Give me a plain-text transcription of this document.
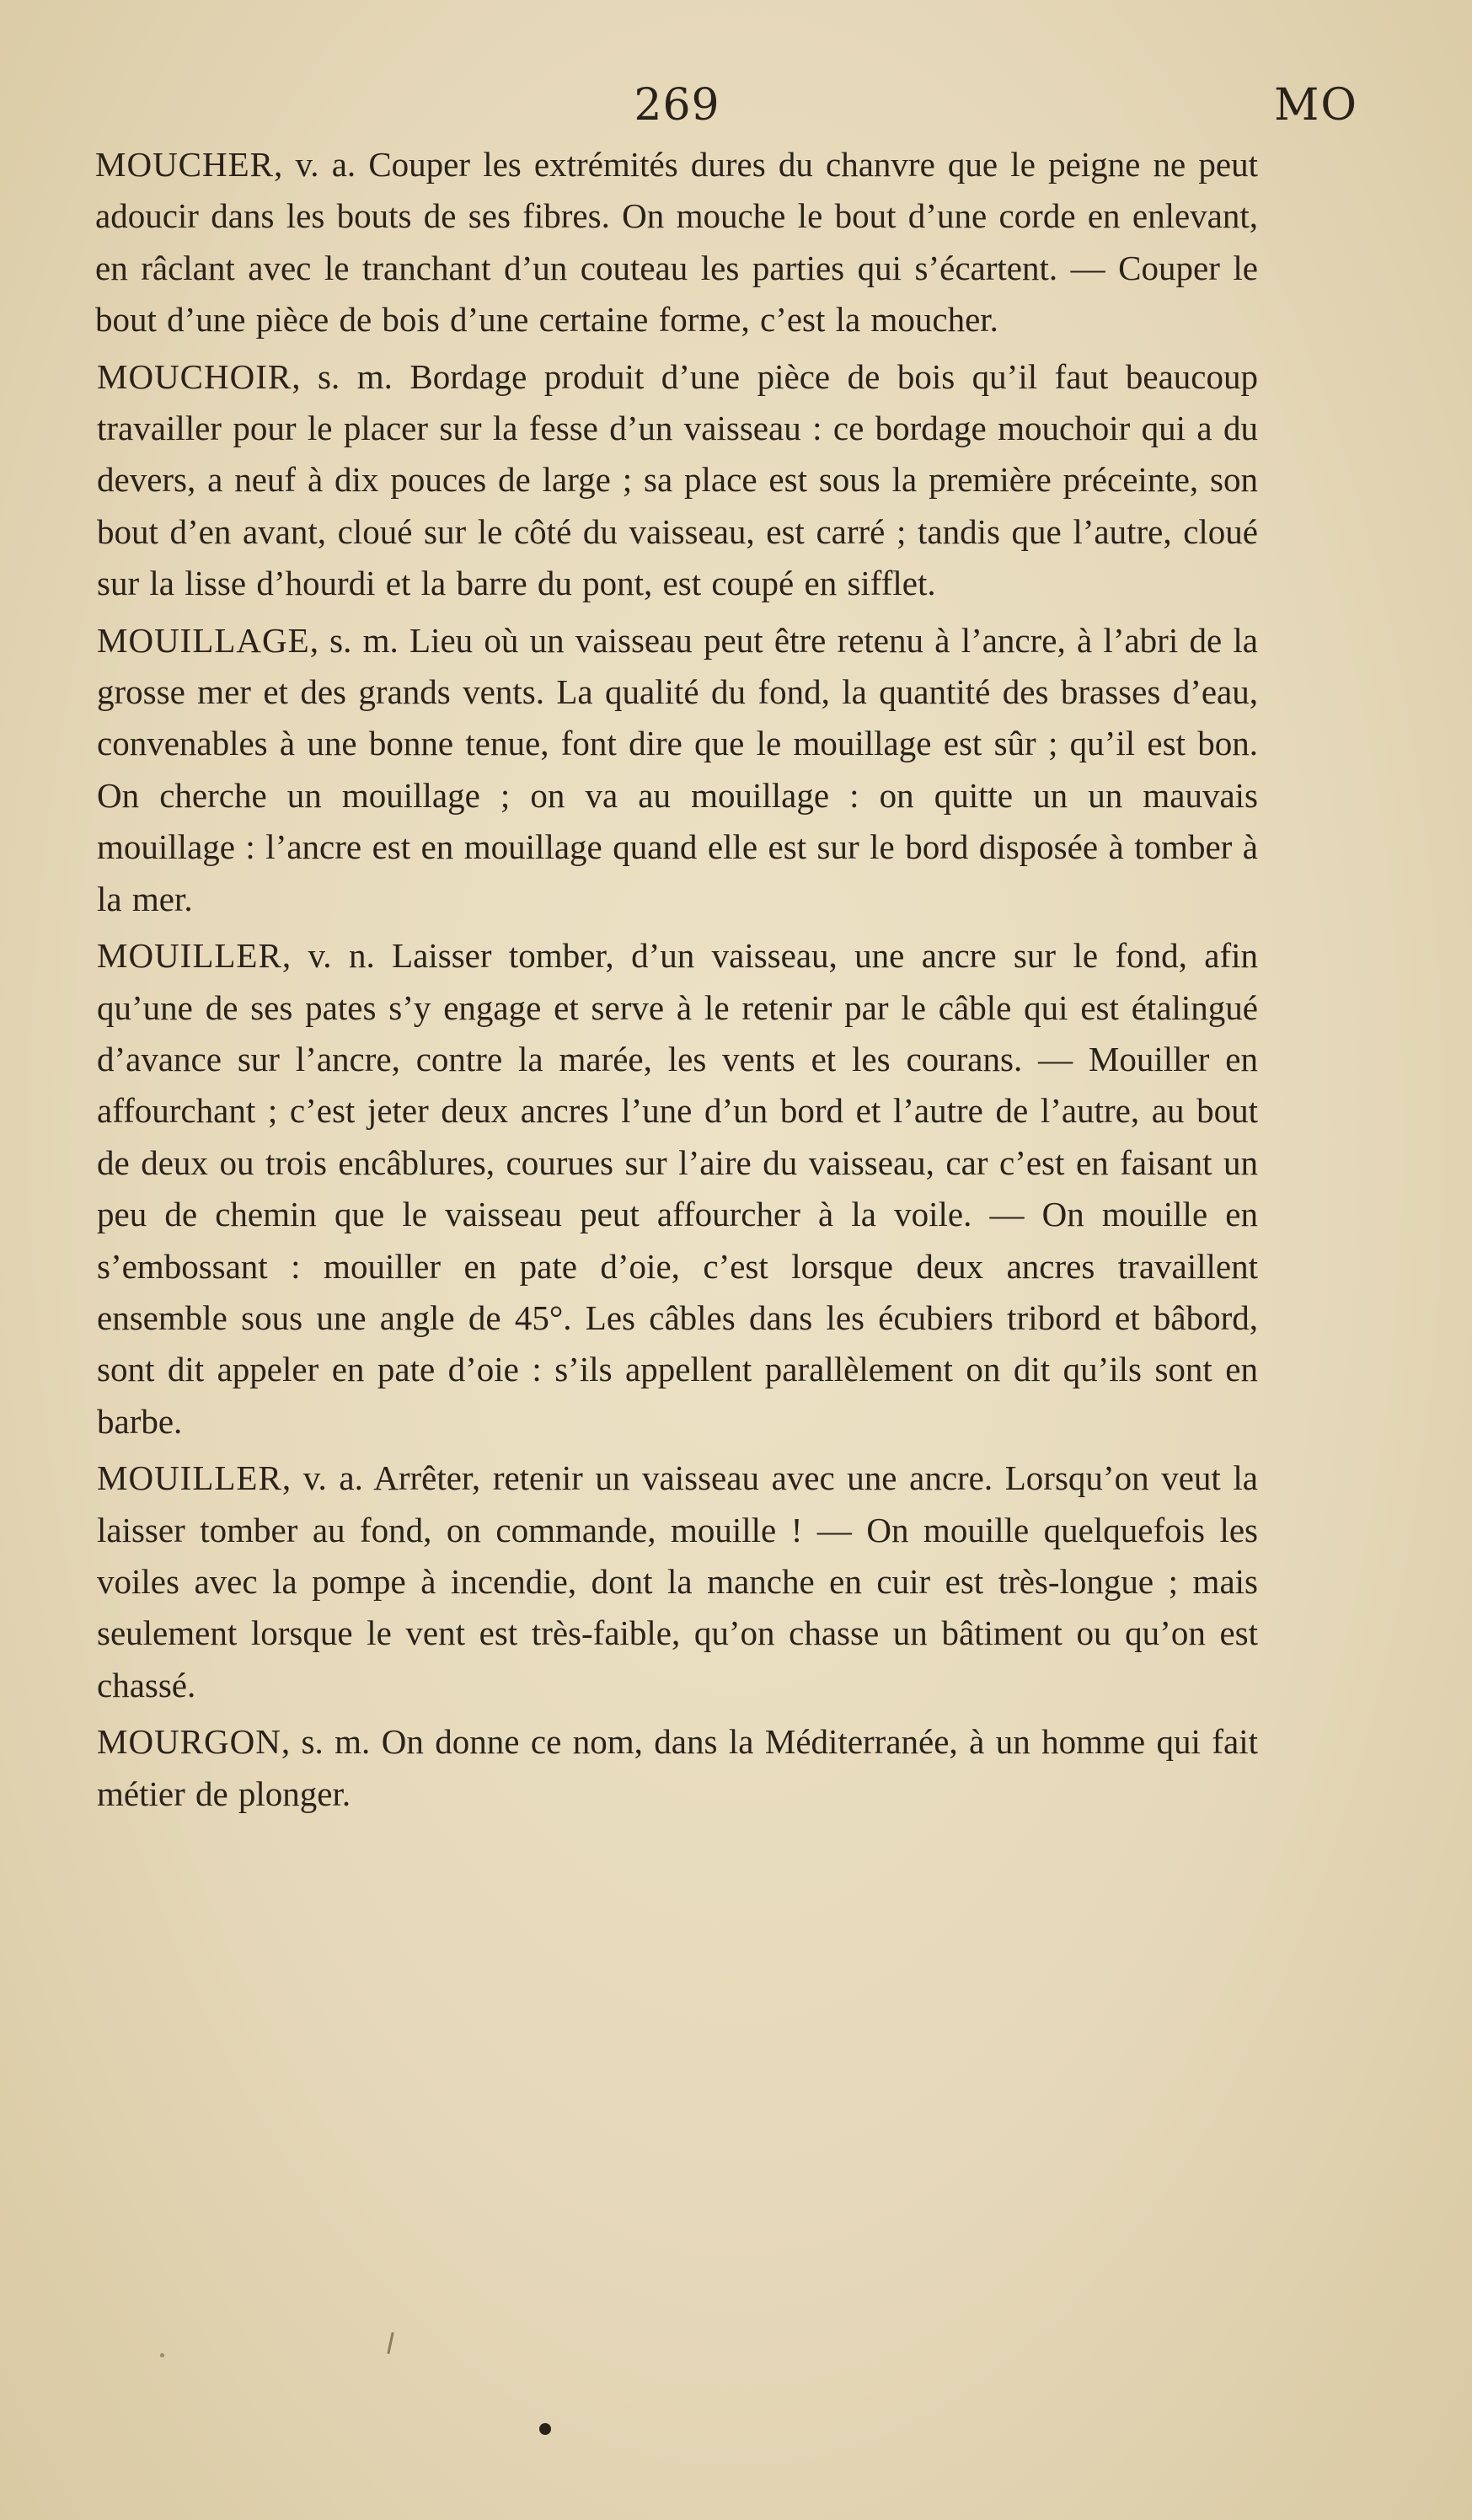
269	MO

MOUCHER, v. a. Couper les extrémités dures du chanvre que le peigne ne peut adoucir dans les bouts de ses fibres. On mouche le bout d’une corde en enlevant, en râclant avec le tranchant d’un couteau les parties qui s’écartent. — Couper le bout d’une pièce de bois d’une certaine forme, c’est la moucher.

MOUCHOIR, s. m. Bordage produit d’une pièce de bois qu’il faut beaucoup travailler pour le placer sur la fesse d’un vaisseau : ce bordage mouchoir qui a du devers, a neuf à dix pouces de large ; sa place est sous la première préceinte, son bout d’en avant, cloué sur le côté du vaisseau, est carré ; tandis que l’autre, cloué sur la lisse d’hourdi et la barre du pont, est coupé en sifflet.

MOUILLAGE, s. m. Lieu où un vaisseau peut être retenu à l’ancre, à l’abri de la grosse mer et des grands vents. La qualité du fond, la quantité des brasses d’eau, convenables à une bonne tenue, font dire que le mouillage est sûr ; qu’il est bon. On cherche un mouillage ; on va au mouillage : on quitte un un mauvais mouillage : l’ancre est en mouillage quand elle est sur le bord disposée à tomber à la mer.

MOUILLER, v. n. Laisser tomber, d’un vaisseau, une ancre sur le fond, afin qu’une de ses pates s’y engage et serve à le retenir par le câble qui est étalingué d’avance sur l’ancre, contre la marée, les vents et les courans. — Mouiller en affourchant ; c’est jeter deux ancres l’une d’un bord et l’autre de l’autre, au bout de deux ou trois encâblures, courues sur l’aire du vaisseau, car c’est en faisant un peu de chemin que le vaisseau peut affourcher à la voile. — On mouille en s’embossant : mouiller en pate d’oie, c’est lorsque deux ancres travaillent ensemble sous une angle de 45°. Les câbles dans les écubiers tribord et bâbord, sont dit appeler en pate d’oie : s’ils appellent parallèlement on dit qu’ils sont en barbe.

MOUILLER, v. a. Arrêter, retenir un vaisseau avec une ancre. Lorsqu’on veut la laisser tomber au fond, on commande, mouille ! — On mouille quelquefois les voiles avec la pompe à incendie, dont la manche en cuir est très-longue ; mais seulement lorsque le vent est très-faible, qu’on chasse un bâtiment ou qu’on est chassé.

MOURGON, s. m. On donne ce nom, dans la Méditerranée, à un homme qui fait métier de plonger.
